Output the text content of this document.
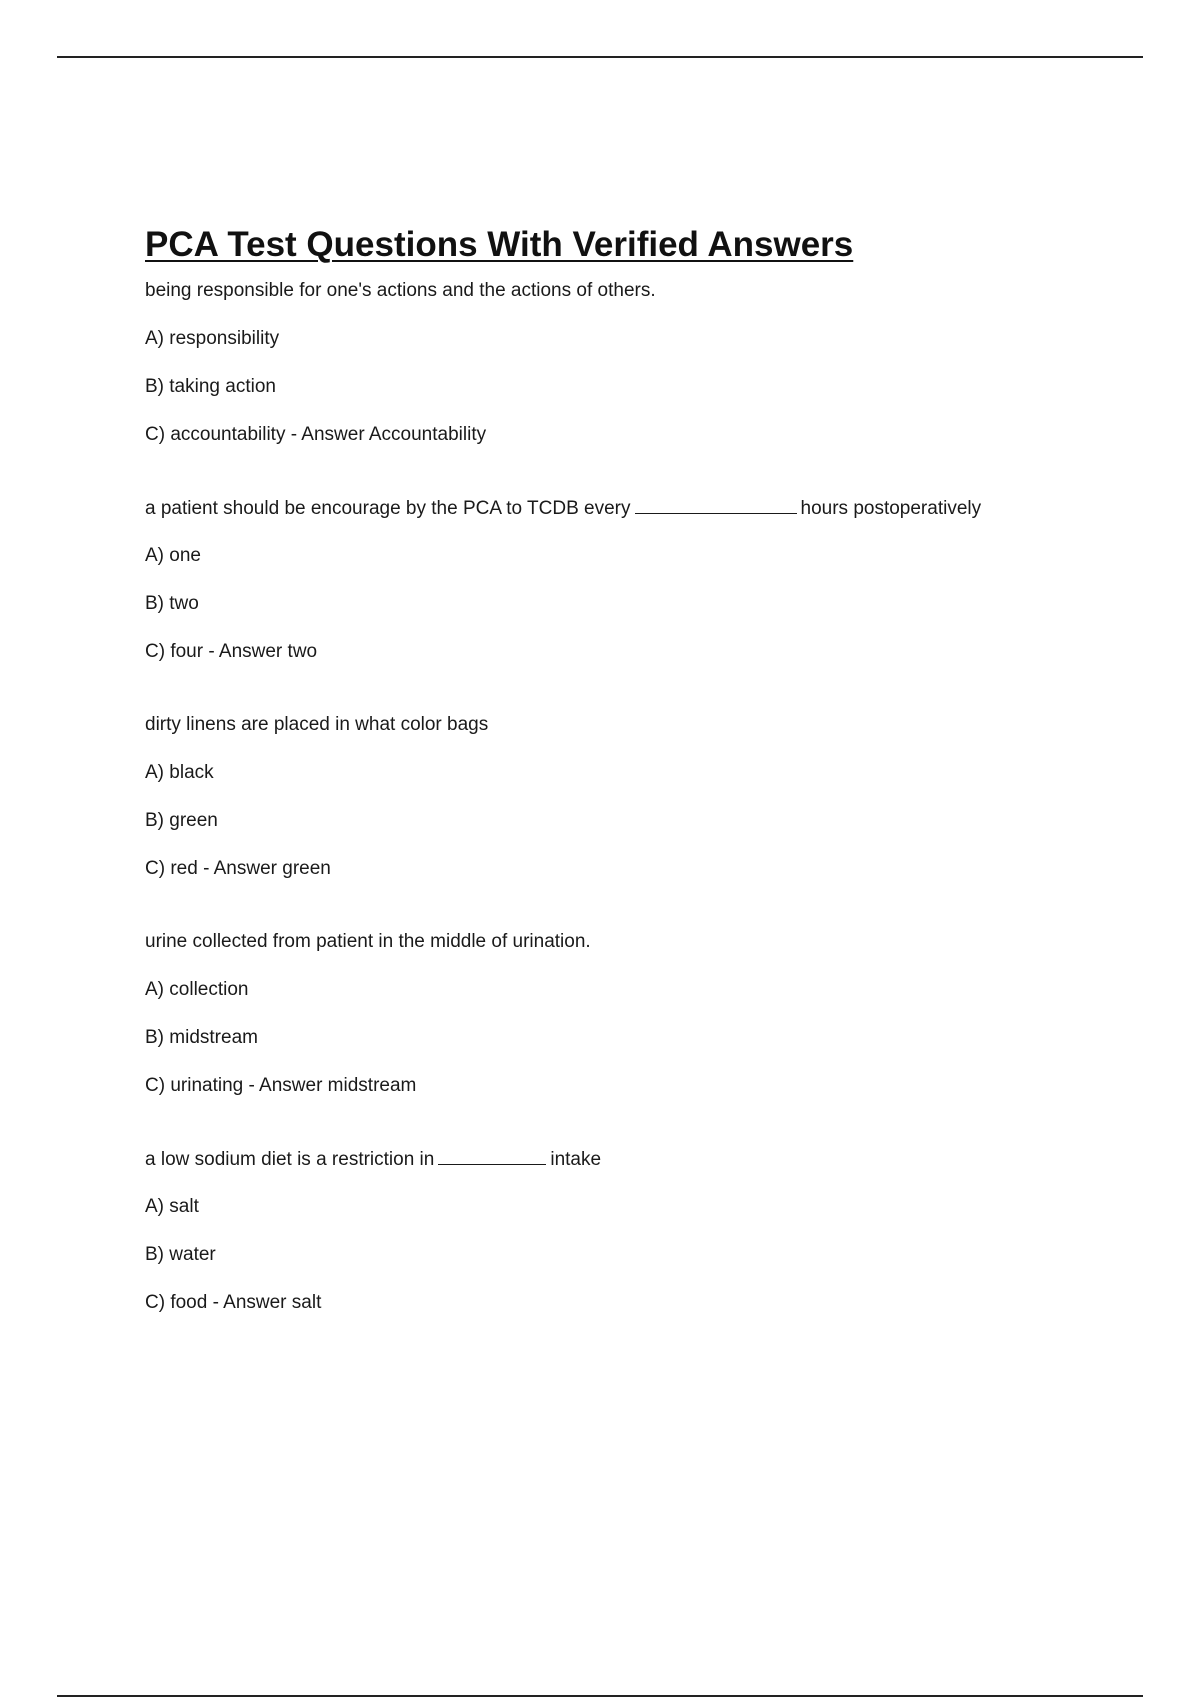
PCA Test Questions With Verified Answers
being responsible for one's actions and the actions of others.
A) responsibility
B) taking action
C) accountability - Answer Accountability
a patient should be encourage by the PCA to TCDB every	hours postoperatively
A) one
B) two
C) four - Answer two
dirty linens are placed in what color bags
A) black
B) green
C) red - Answer green
urine collected from patient in the middle of urination.
A) collection
B) midstream
C) urinating - Answer midstream
a low sodium diet is a restriction in	intake
A) salt
B) water
C) food - Answer salt
